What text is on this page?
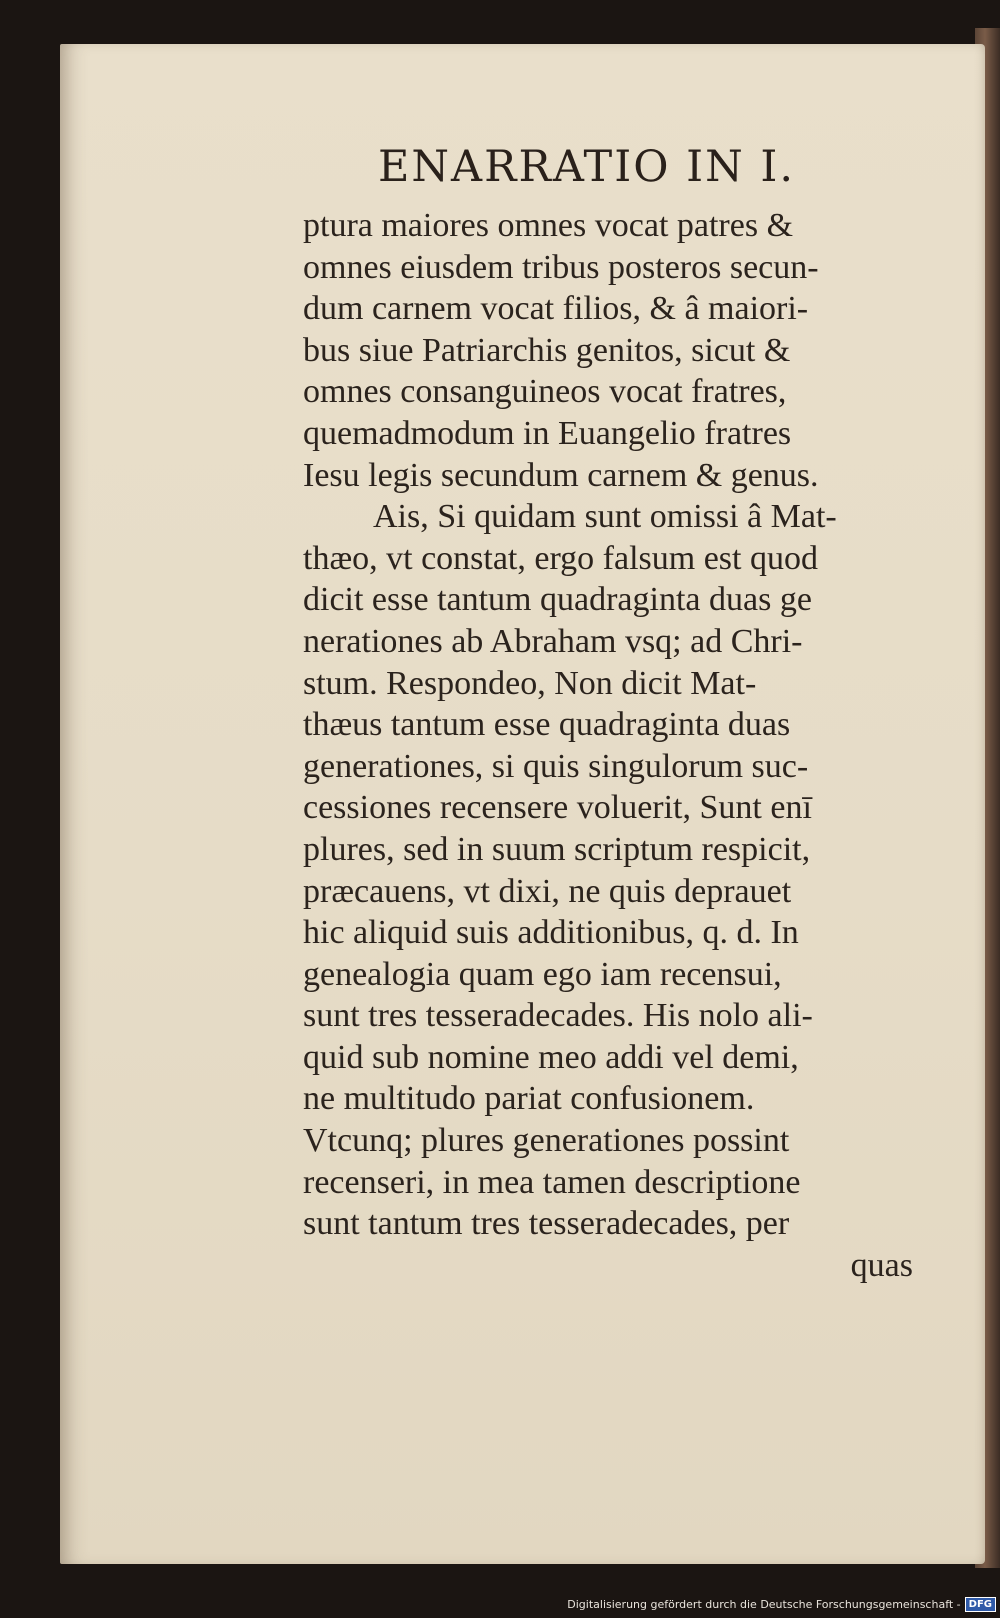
ENARRATIO IN I.
ptura maiores omnes vocat patres &
omnes eiusdem tribus posteros secun-
dum carnem vocat filios, & â maiori-
bus siue Patriarchis genitos, sicut &
omnes consanguineos vocat fratres,
quemadmodum in Euangelio fratres
Iesu legis secundum carnem & genus.
Ais, Si quidam sunt omissi â Mat-
thæo, vt constat, ergo falsum est quod
dicit esse tantum quadraginta duas ge
nerationes ab Abraham vsq; ad Chri-
stum. Respondeo, Non dicit Mat-
thæus tantum esse quadraginta duas
generationes, si quis singulorum suc-
cessiones recensere voluerit, Sunt enī
plures, sed in suum scriptum respicit,
præcauens, vt dixi, ne quis deprauet
hic aliquid suis additionibus, q. d. In
genealogia quam ego iam recensui,
sunt tres tesseradecades. His nolo ali-
quid sub nomine meo addi vel demi,
ne multitudo pariat confusionem.
Vtcunq; plures generationes possint
recenseri, in mea tamen descriptione
sunt tantum tres tesseradecades, per
quas
Digitalisierung gefördert durch die Deutsche Forschungsgemeinschaft - DFG
